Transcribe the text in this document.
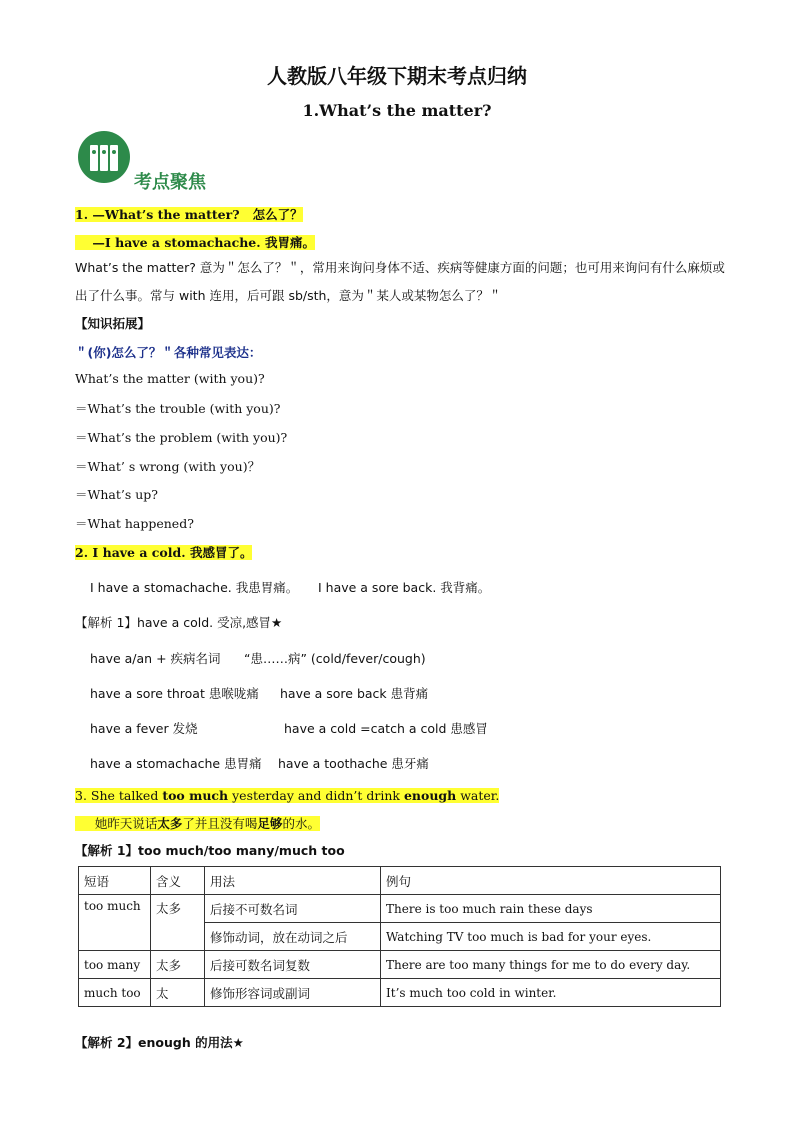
人教版八年级下期末考点归纳
1.What’s the matter?
考点聚焦
1. —What’s the matter? 怎么了？
—I have a stomachache. 我胃痛。
What’s the matter? 意为＂怎么了？＂，常用来询问身体不适、疾病等健康方面的问题；也可用来询问有什么麻烦或出了什么事。常与 with 连用，后可跟 sb/sth，意为＂某人或某物怎么了？＂
【知识拓展】
＂(你)怎么了？＂各种常见表达：
What’s the matter (with you)?
＝What’s the trouble (with you)?
＝What’s the problem (with you)?
＝What’ s wrong (with you)？
＝What’s up?
＝What happened?
2. I have a cold. 我感冒了。
I have a stomachache. 我患胃痛。 I have a sore back. 我背痛。
【解析 1】have a cold. 受凉,感冒★
have a/an + 疾病名词 “患……病” (cold/fever/cough)
have a sore throat 患喉咙痛 have a sore back 患背痛
have a fever 发烧	have a cold =catch a cold 患感冒
have a stomachache 患胃痛 have a toothache 患牙痛
3. She talked too much yesterday and didn’t drink enough water.
她昨天说话太多了并且没有喝足够的水。
【解析 1】too much/too many/much too
短语	含义	用法	例句
too much	太多	后接不可数名词	There is too much rain these days
		修饰动词，放在动词之后	Watching TV too much is bad for your eyes.
too many	太多	后接可数名词复数	There are too many things for me to do every day.
much too	太	修饰形容词或副词	It’s much too cold in winter.
【解析 2】enough 的用法★
